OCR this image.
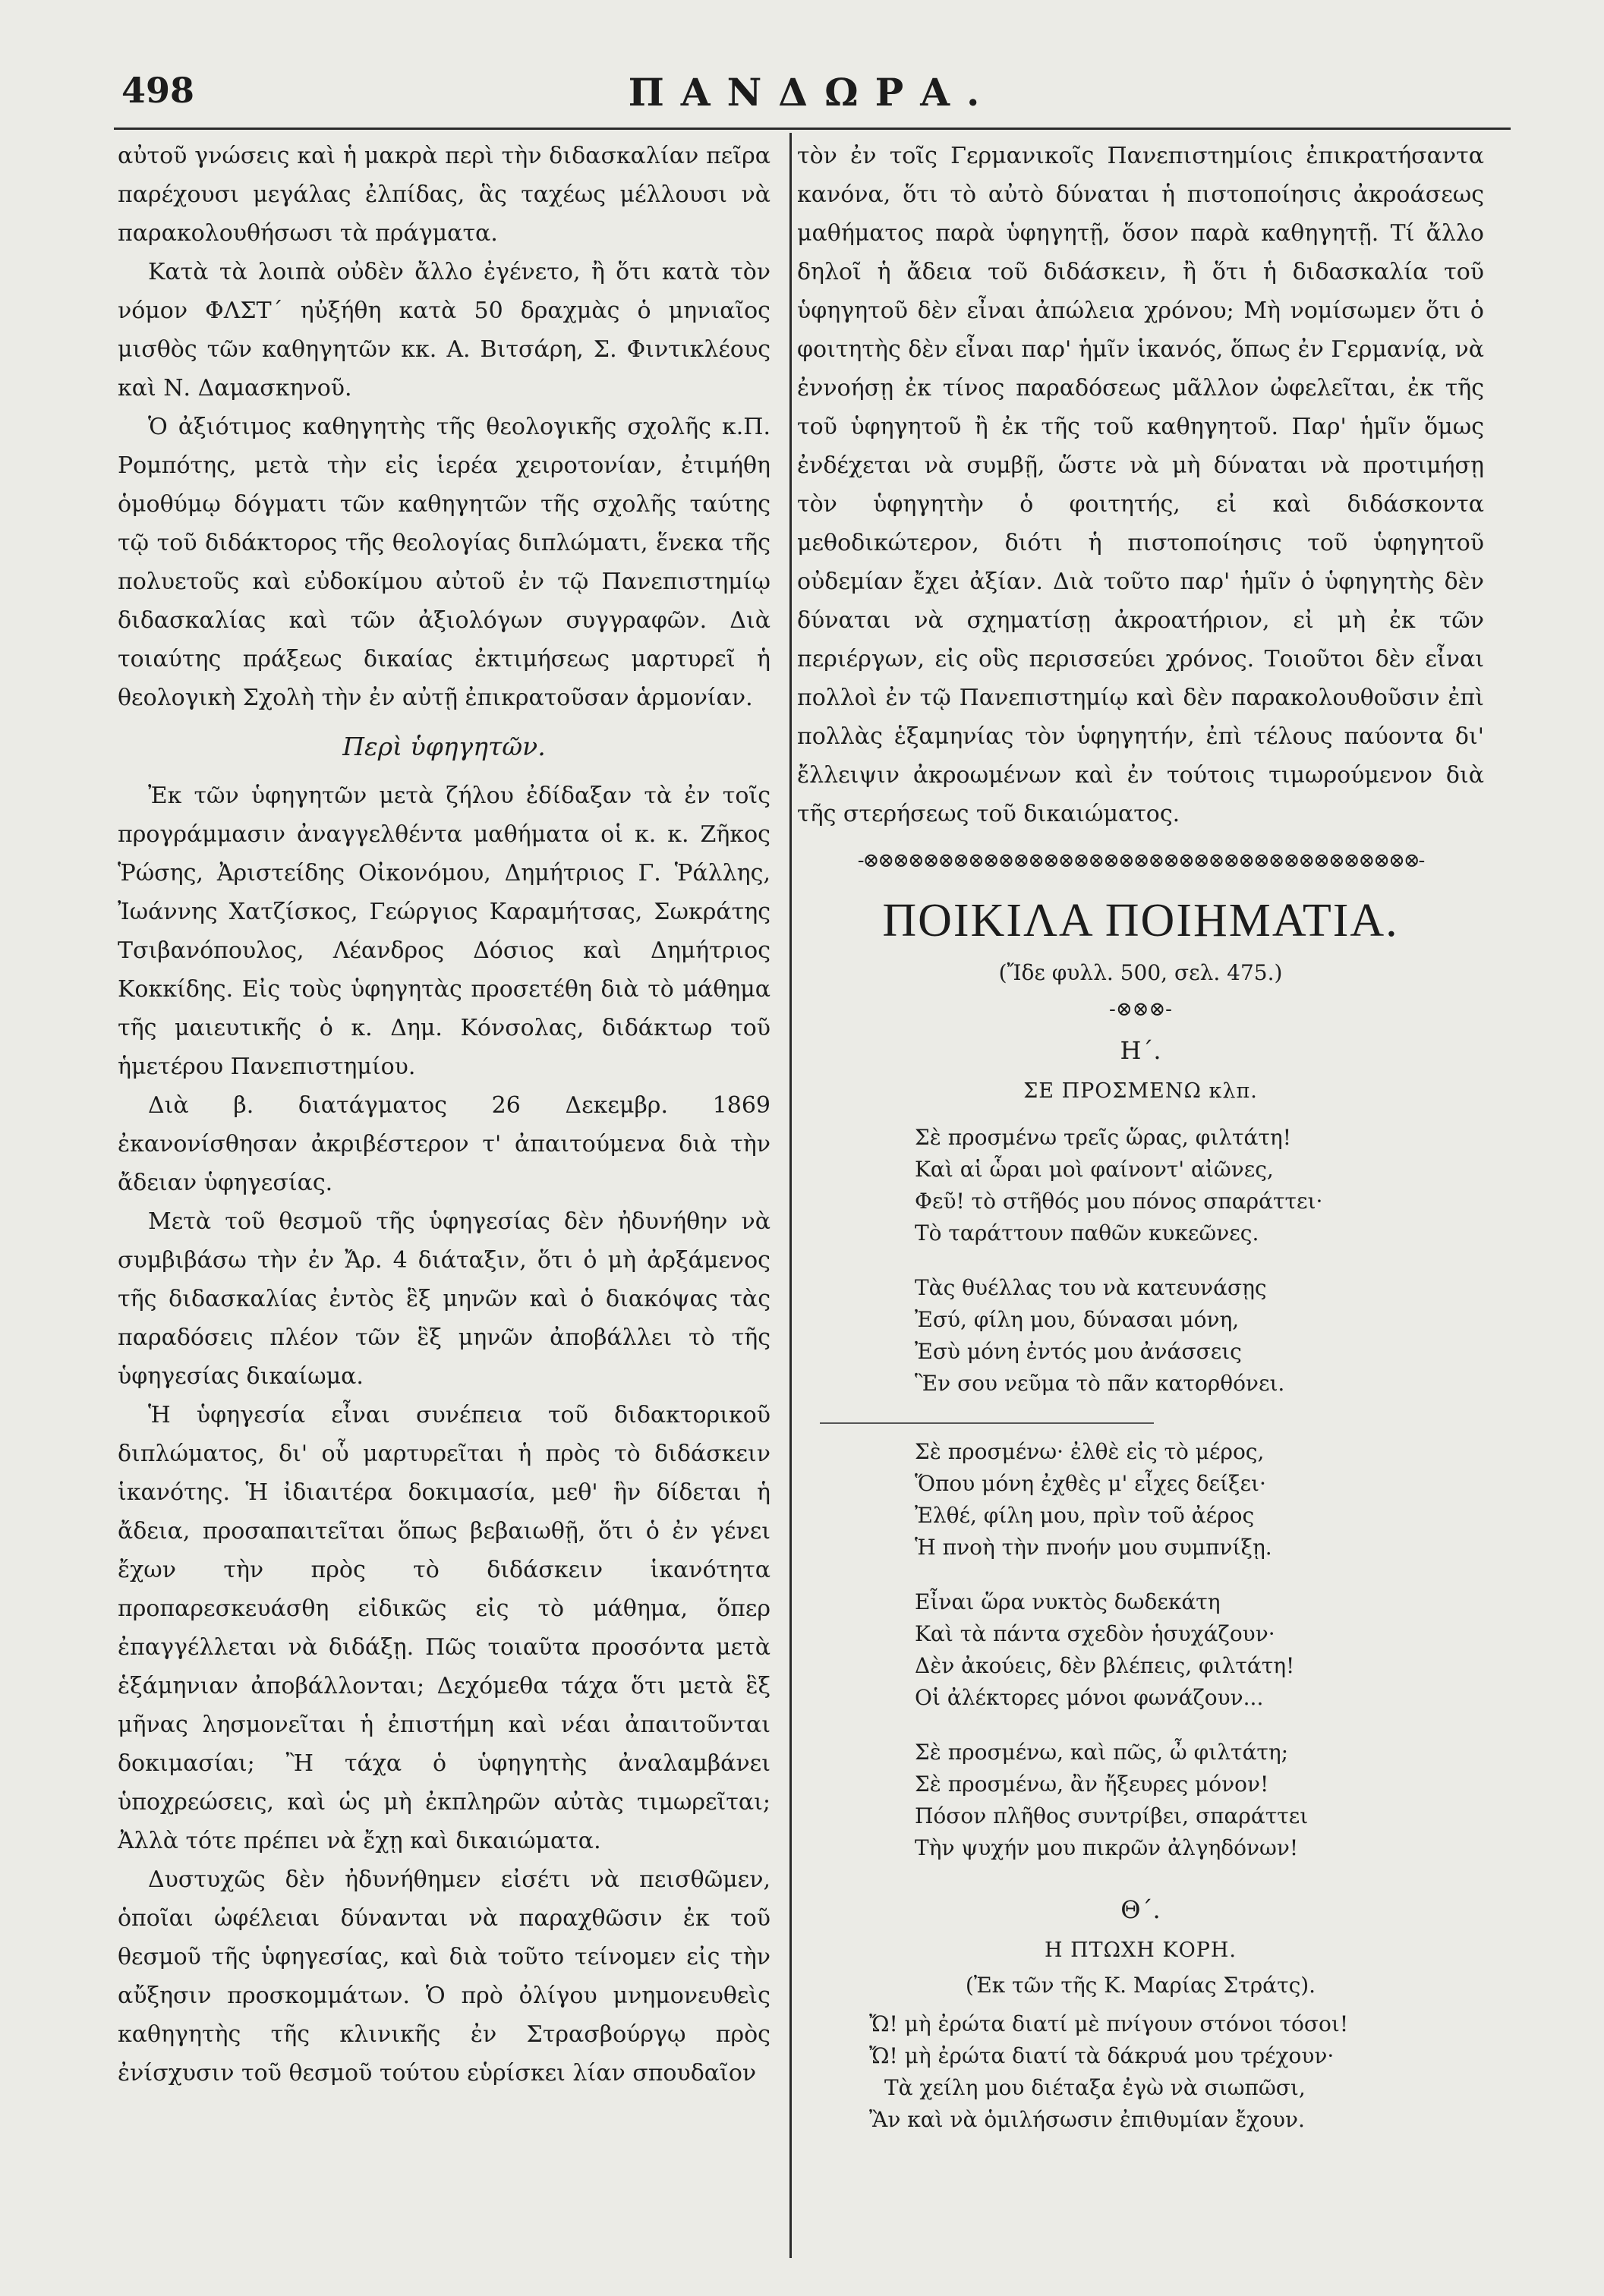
498	ΠΑΝΔΩΡΑ.

αὐτοῦ γνώσεις καὶ ἡ μακρὰ περὶ τὴν διδασκαλίαν πεῖρα παρέχουσι μεγάλας ἐλπίδας, ἃς ταχέως μέλλουσι νὰ παρακολουθήσωσι τὰ πράγματα.

Κατὰ τὰ λοιπὰ οὐδὲν ἄλλο ἐγένετο, ἢ ὅτι κατὰ τὸν νόμον ΦΛΣΤ΄ ηὐξήθη κατὰ 50 δραχμὰς ὁ μηνιαῖος μισθὸς τῶν καθηγητῶν κκ. Α. Βιτσάρη, Σ. Φιντικλέους καὶ Ν. Δαμασκηνοῦ.

Ὁ ἀξιότιμος καθηγητὴς τῆς θεολογικῆς σχολῆς κ.Π. Ρομπότης, μετὰ τὴν εἰς ἱερέα χειροτονίαν, ἐτιμήθη ὁμοθύμῳ δόγματι τῶν καθηγητῶν τῆς σχολῆς ταύτης τῷ τοῦ διδάκτορος τῆς θεολογίας διπλώματι, ἕνεκα τῆς πολυετοῦς καὶ εὐδοκίμου αὐτοῦ ἐν τῷ Πανεπιστημίῳ διδασκαλίας καὶ τῶν ἀξιολόγων συγγραφῶν. Διὰ τοιαύτης πράξεως δικαίας ἐκτιμήσεως μαρτυρεῖ ἡ θεολογικὴ Σχολὴ τὴν ἐν αὐτῇ ἐπικρατοῦσαν ἁρμονίαν.

Περὶ ὑφηγητῶν.

Ἐκ τῶν ὑφηγητῶν μετὰ ζήλου ἐδίδαξαν τὰ ἐν τοῖς προγράμμασιν ἀναγγελθέντα μαθήματα οἱ κ. κ. Ζῆκος Ῥώσης, Ἀριστείδης Οἰκονόμου, Δημήτριος Γ. Ῥάλλης, Ἰωάννης Χατζίσκος, Γεώργιος Καραμήτσας, Σωκράτης Τσιβανόπουλος, Λέανδρος Δόσιος καὶ Δημήτριος Κοκκίδης. Εἰς τοὺς ὑφηγητὰς προσετέθη διὰ τὸ μάθημα τῆς μαιευτικῆς ὁ κ. Δημ. Κόνσολας, διδάκτωρ τοῦ ἡμετέρου Πανεπιστημίου.

Διὰ β. διατάγματος 26 Δεκεμβρ. 1869 ἐκανονίσθησαν ἀκριβέστερον τ' ἀπαιτούμενα διὰ τὴν ἄδειαν ὑφηγεσίας.

Μετὰ τοῦ θεσμοῦ τῆς ὑφηγεσίας δὲν ἠδυνήθην νὰ συμβιβάσω τὴν ἐν Ἄρ. 4 διάταξιν, ὅτι ὁ μὴ ἀρξάμενος τῆς διδασκαλίας ἐντὸς ἓξ μηνῶν καὶ ὁ διακόψας τὰς παραδόσεις πλέον τῶν ἓξ μηνῶν ἀποβάλλει τὸ τῆς ὑφηγεσίας δικαίωμα.

Ἡ ὑφηγεσία εἶναι συνέπεια τοῦ διδακτορικοῦ διπλώματος, δι' οὗ μαρτυρεῖται ἡ πρὸς τὸ διδάσκειν ἱκανότης. Ἡ ἰδιαιτέρα δοκιμασία, μεθ' ἣν δίδεται ἡ ἄδεια, προσαπαιτεῖται ὅπως βεβαιωθῇ, ὅτι ὁ ἐν γένει ἔχων τὴν πρὸς τὸ διδάσκειν ἱκανότητα προπαρεσκευάσθη εἰδικῶς εἰς τὸ μάθημα, ὅπερ ἐπαγγέλλεται νὰ διδάξῃ. Πῶς τοιαῦτα προσόντα μετὰ ἑξάμηνιαν ἀποβάλλονται; Δεχόμεθα τάχα ὅτι μετὰ ἓξ μῆνας λησμονεῖται ἡ ἐπιστήμη καὶ νέαι ἀπαιτοῦνται δοκιμασίαι; Ἢ τάχα ὁ ὑφηγητὴς ἀναλαμβάνει ὑποχρεώσεις, καὶ ὡς μὴ ἐκπληρῶν αὐτὰς τιμωρεῖται; Ἀλλὰ τότε πρέπει νὰ ἔχῃ καὶ δικαιώματα.

Δυστυχῶς δὲν ἠδυνήθημεν εἰσέτι νὰ πεισθῶμεν, ὁποῖαι ὠφέλειαι δύνανται νὰ παραχθῶσιν ἐκ τοῦ θεσμοῦ τῆς ὑφηγεσίας, καὶ διὰ τοῦτο τείνομεν εἰς τὴν αὔξησιν προσκομμάτων. Ὁ πρὸ ὀλίγου μνημονευθεὶς καθηγητὴς τῆς κλινικῆς ἐν Στρασβούργῳ πρὸς ἐνίσχυσιν τοῦ θεσμοῦ τούτου εὑρίσκει λίαν σπουδαῖον

τὸν ἐν τοῖς Γερμανικοῖς Πανεπιστημίοις ἐπικρατήσαντα κανόνα, ὅτι τὸ αὐτὸ δύναται ἡ πιστοποίησις ἀκροάσεως μαθήματος παρὰ ὑφηγητῇ, ὅσον παρὰ καθηγητῇ. Τί ἄλλο δηλοῖ ἡ ἄδεια τοῦ διδάσκειν, ἢ ὅτι ἡ διδασκαλία τοῦ ὑφηγητοῦ δὲν εἶναι ἀπώλεια χρόνου; Μὴ νομίσωμεν ὅτι ὁ φοιτητὴς δὲν εἶναι παρ' ἡμῖν ἱκανός, ὅπως ἐν Γερμανίᾳ, νὰ ἐννοήσῃ ἐκ τίνος παραδόσεως μᾶλλον ὠφελεῖται, ἐκ τῆς τοῦ ὑφηγητοῦ ἢ ἐκ τῆς τοῦ καθηγητοῦ. Παρ' ἡμῖν ὅμως ἐνδέχεται νὰ συμβῇ, ὥστε νὰ μὴ δύναται νὰ προτιμήσῃ τὸν ὑφηγητὴν ὁ φοιτητής, εἰ καὶ διδάσκοντα μεθοδικώτερον, διότι ἡ πιστοποίησις τοῦ ὑφηγητοῦ οὐδεμίαν ἔχει ἀξίαν. Διὰ τοῦτο παρ' ἡμῖν ὁ ὑφηγητὴς δὲν δύναται νὰ σχηματίσῃ ἀκροατήριον, εἰ μὴ ἐκ τῶν περιέργων, εἰς οὓς περισσεύει χρόνος. Τοιοῦτοι δὲν εἶναι πολλοὶ ἐν τῷ Πανεπιστημίῳ καὶ δὲν παρακολουθοῦσιν ἐπὶ πολλὰς ἑξαμηνίας τὸν ὑφηγητήν, ἐπὶ τέλους παύοντα δι' ἔλλειψιν ἀκροωμένων καὶ ἐν τούτοις τιμωρούμενον διὰ τῆς στερήσεως τοῦ δικαιώματος.

-⊗⊗⊗⊗⊗⊗⊗⊗⊗⊗⊗⊗⊗⊗⊗⊗⊗⊗⊗⊗⊗⊗⊗⊗⊗⊗⊗⊗⊗⊗⊗⊗⊗⊗⊗⊗⊗-
ΠΟΙΚΙΛΑ ΠΟΙΗΜΑΤΙΑ.
(Ἴδε φυλλ. 500, σελ. 475.)
-⊗⊗⊗-
Η΄.
ΣΕ ΠΡΟΣΜΕΝΩ κλπ.
Σὲ προσμένω τρεῖς ὥρας, φιλτάτη!
Καὶ αἱ ὧραι μοὶ φαίνοντ' αἰῶνες,
Φεῦ! τὸ στῆθός μου πόνος σπαράττει·
Τὸ ταράττουν παθῶν κυκεῶνες.
Τὰς θυέλλας του νὰ κατευνάσῃς
Ἐσύ, φίλη μου, δύνασαι μόνη,
Ἐσὺ μόνη ἐντός μου ἀνάσσεις
Ἓν σου νεῦμα τὸ πᾶν κατορθόνει.
Σὲ προσμένω· ἐλθὲ εἰς τὸ μέρος,
Ὅπου μόνη ἐχθὲς μ' εἶχες δείξει·
Ἐλθέ, φίλη μου, πρὶν τοῦ ἀέρος
Ἡ πνοὴ τὴν πνοήν μου συμπνίξῃ.
Εἶναι ὥρα νυκτὸς δωδεκάτη
Καὶ τὰ πάντα σχεδὸν ἡσυχάζουν·
Δὲν ἀκούεις, δὲν βλέπεις, φιλτάτη!
Οἱ ἀλέκτορες μόνοι φωνάζουν...
Σὲ προσμένω, καὶ πῶς, ὦ φιλτάτη;
Σὲ προσμένω, ἂν ἤξευρες μόνον!
Πόσον πλῆθος συντρίβει, σπαράττει
Τὴν ψυχήν μου πικρῶν ἀλγηδόνων!
Θ΄.
Η ΠΤΩΧΗ ΚΟΡΗ.
(Ἐκ τῶν τῆς Κ. Μαρίας Στράτς).
Ὤ! μὴ ἐρώτα διατί μὲ πνίγουν στόνοι τόσοι!
Ὤ! μὴ ἐρώτα διατί τὰ δάκρυά μου τρέχουν·
Τὰ χείλη μου διέταξα ἐγὼ νὰ σιωπῶσι,
Ἂν καὶ νὰ ὁμιλήσωσιν ἐπιθυμίαν ἔχουν.
